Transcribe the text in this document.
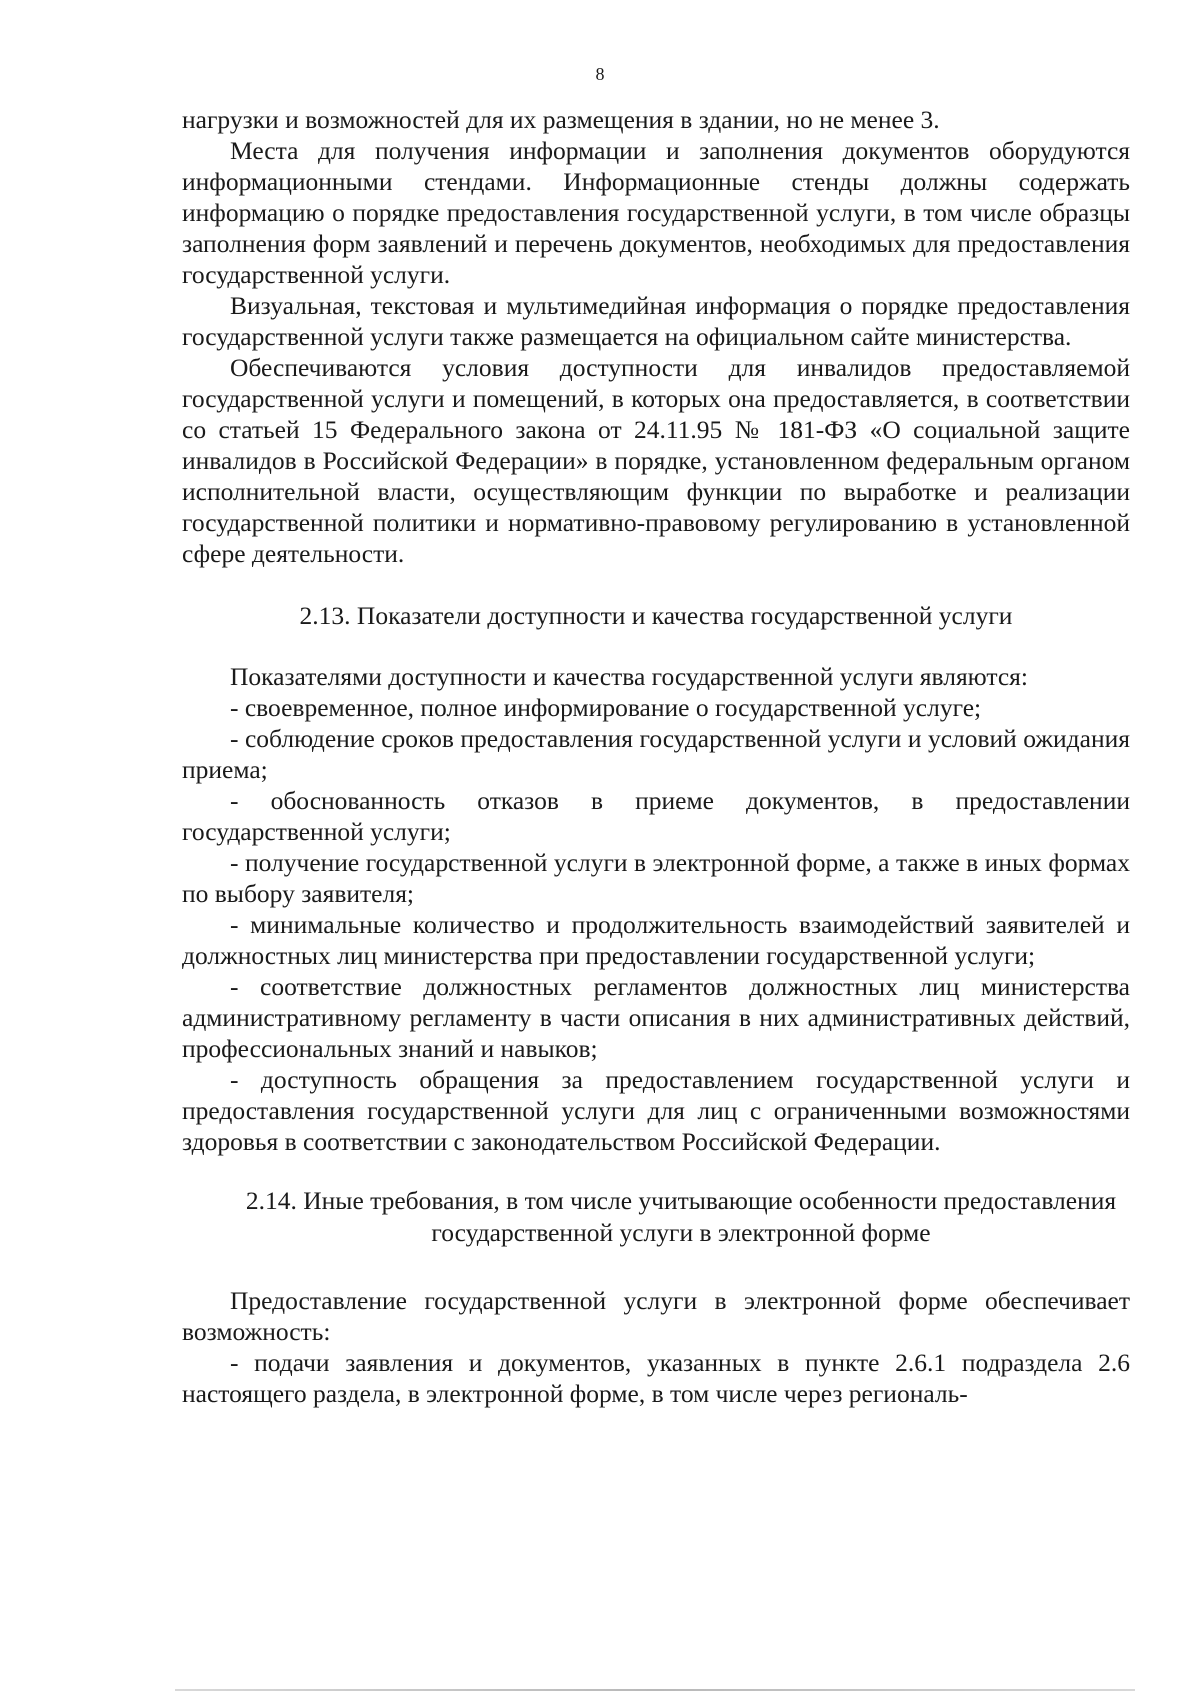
8

нагрузки и возможностей для их размещения в здании, но не менее 3.

Места для получения информации и заполнения документов оборудуются информационными стендами. Информационные стенды должны содержать информацию о порядке предоставления государственной услуги, в том числе образцы заполнения форм заявлений и перечень документов, необходимых для предоставления государственной услуги.

Визуальная, текстовая и мультимедийная информация о порядке предоставления государственной услуги также размещается на официальном сайте министерства.

Обеспечиваются условия доступности для инвалидов предоставляемой государственной услуги и помещений, в которых она предоставляется, в соответствии со статьей 15 Федерального закона от 24.11.95 № 181-ФЗ «О социальной защите инвалидов в Российской Федерации» в порядке, установленном федеральным органом исполнительной власти, осуществляющим функции по выработке и реализации государственной политики и нормативно-правовому регулированию в установленной сфере деятельности.

2.13. Показатели доступности и качества государственной услуги

Показателями доступности и качества государственной услуги являются:

- своевременное, полное информирование о государственной услуге;

- соблюдение сроков предоставления государственной услуги и условий ожидания приема;

- обоснованность отказов в приеме документов, в предоставлении государственной услуги;

- получение государственной услуги в электронной форме, а также в иных формах по выбору заявителя;

- минимальные количество и продолжительность взаимодействий заявителей и должностных лиц министерства при предоставлении государственной услуги;

- соответствие должностных регламентов должностных лиц министерства административному регламенту в части описания в них административных действий, профессиональных знаний и навыков;

- доступность обращения за предоставлением государственной услуги и предоставления государственной услуги для лиц с ограниченными возможностями здоровья в соответствии с законодательством Российской Федерации.

2.14. Иные требования, в том числе учитывающие особенности предоставления государственной услуги в электронной форме

Предоставление государственной услуги в электронной форме обеспечивает возможность:

- подачи заявления и документов, указанных в пункте 2.6.1 подраздела 2.6 настоящего раздела, в электронной форме, в том числе через региональ-
